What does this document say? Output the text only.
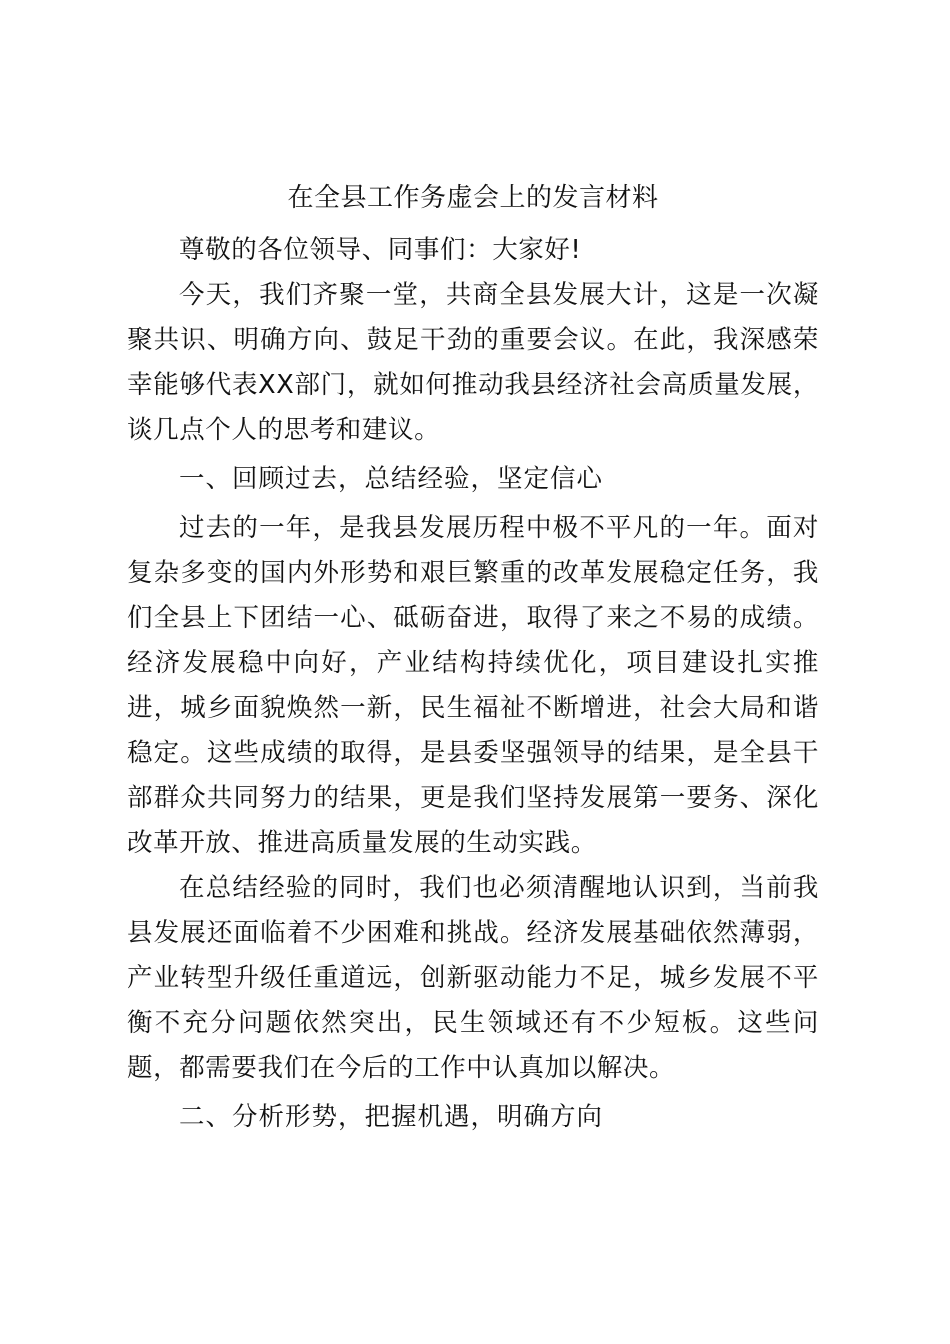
在全县工作务虚会上的发言材料

尊敬的各位领导、同事们：大家好!

今天，我们齐聚一堂，共商全县发展大计，这是一次凝聚共识、明确方向、鼓足干劲的重要会议。在此，我深感荣幸能够代表XX部门，就如何推动我县经济社会高质量发展，谈几点个人的思考和建议。

一、回顾过去，总结经验，坚定信心

过去的一年，是我县发展历程中极不平凡的一年。面对复杂多变的国内外形势和艰巨繁重的改革发展稳定任务，我们全县上下团结一心、砥砺奋进，取得了来之不易的成绩。经济发展稳中向好，产业结构持续优化，项目建设扎实推进，城乡面貌焕然一新，民生福祉不断增进，社会大局和谐稳定。这些成绩的取得，是县委坚强领导的结果，是全县干部群众共同努力的结果，更是我们坚持发展第一要务、深化改革开放、推进高质量发展的生动实践。

在总结经验的同时，我们也必须清醒地认识到，当前我县发展还面临着不少困难和挑战。经济发展基础依然薄弱，产业转型升级任重道远，创新驱动能力不足，城乡发展不平衡不充分问题依然突出，民生领域还有不少短板。这些问题，都需要我们在今后的工作中认真加以解决。

二、分析形势，把握机遇，明确方向
